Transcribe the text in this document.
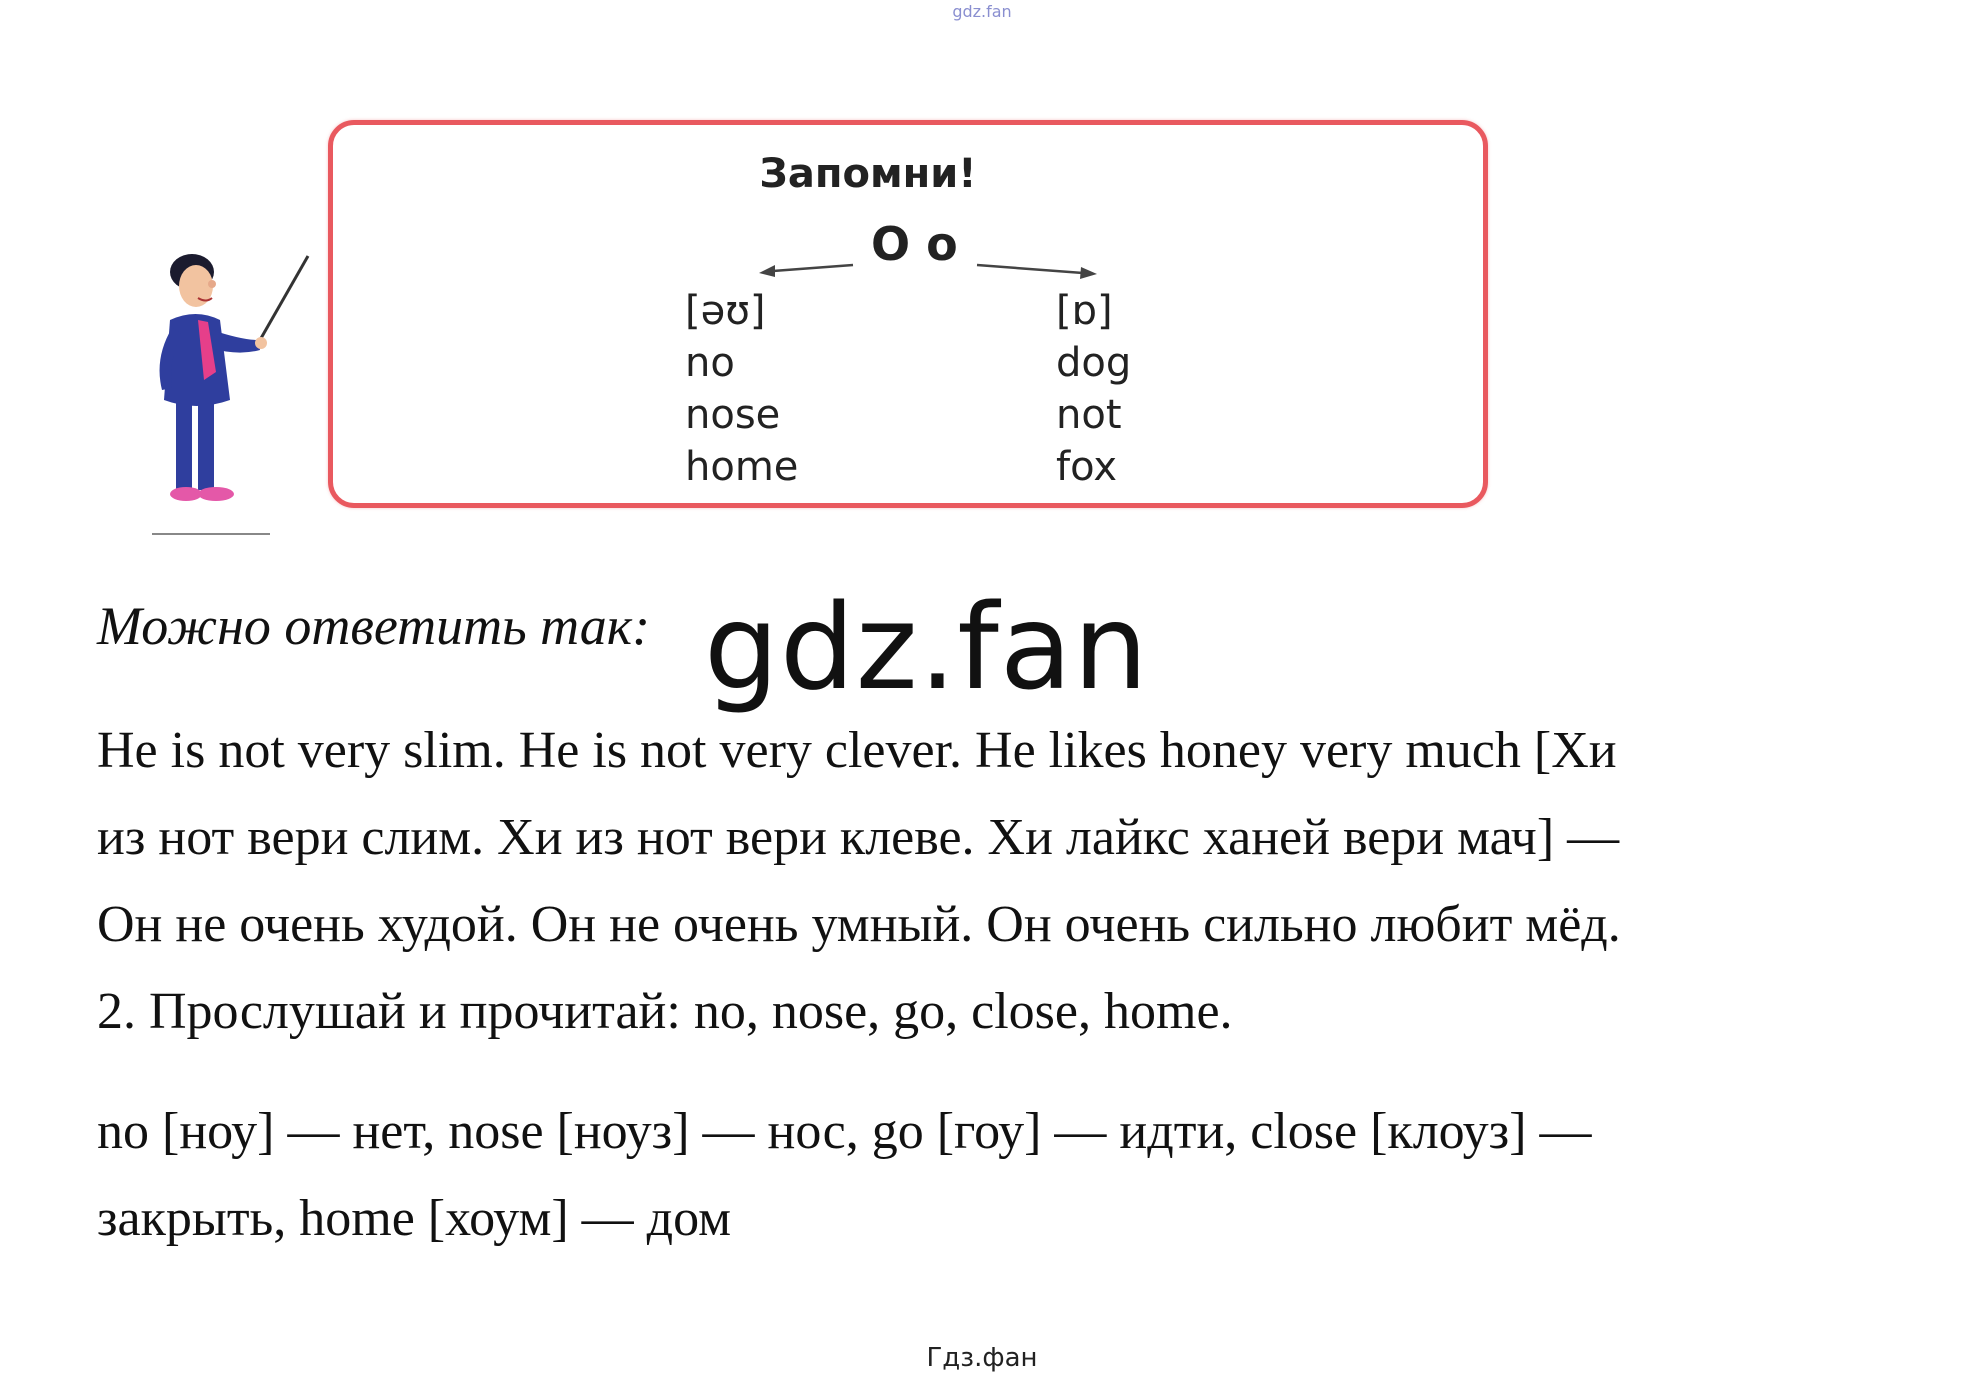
gdz.fan
Запомни!
O o
[əʊ]
no
nose
home
[ɒ]
dog
not
fox
Можно ответить так: gdz.fan
He is not very slim. He is not very clever. He likes honey very much [Хи
из нот вери слим. Хи из нот вери клеве. Хи лайкс ханей вери мач] —
Он не очень худой. Он не очень умный. Он очень сильно любит мёд.
2. Прослушай и прочитай: no, nose, go, close, home.
no [ноу] — нет, nose [ноуз] — нос, go [гоу] — идти, close [клоуз] —
закрыть, home [хоум] — дом
Гдз.фан
